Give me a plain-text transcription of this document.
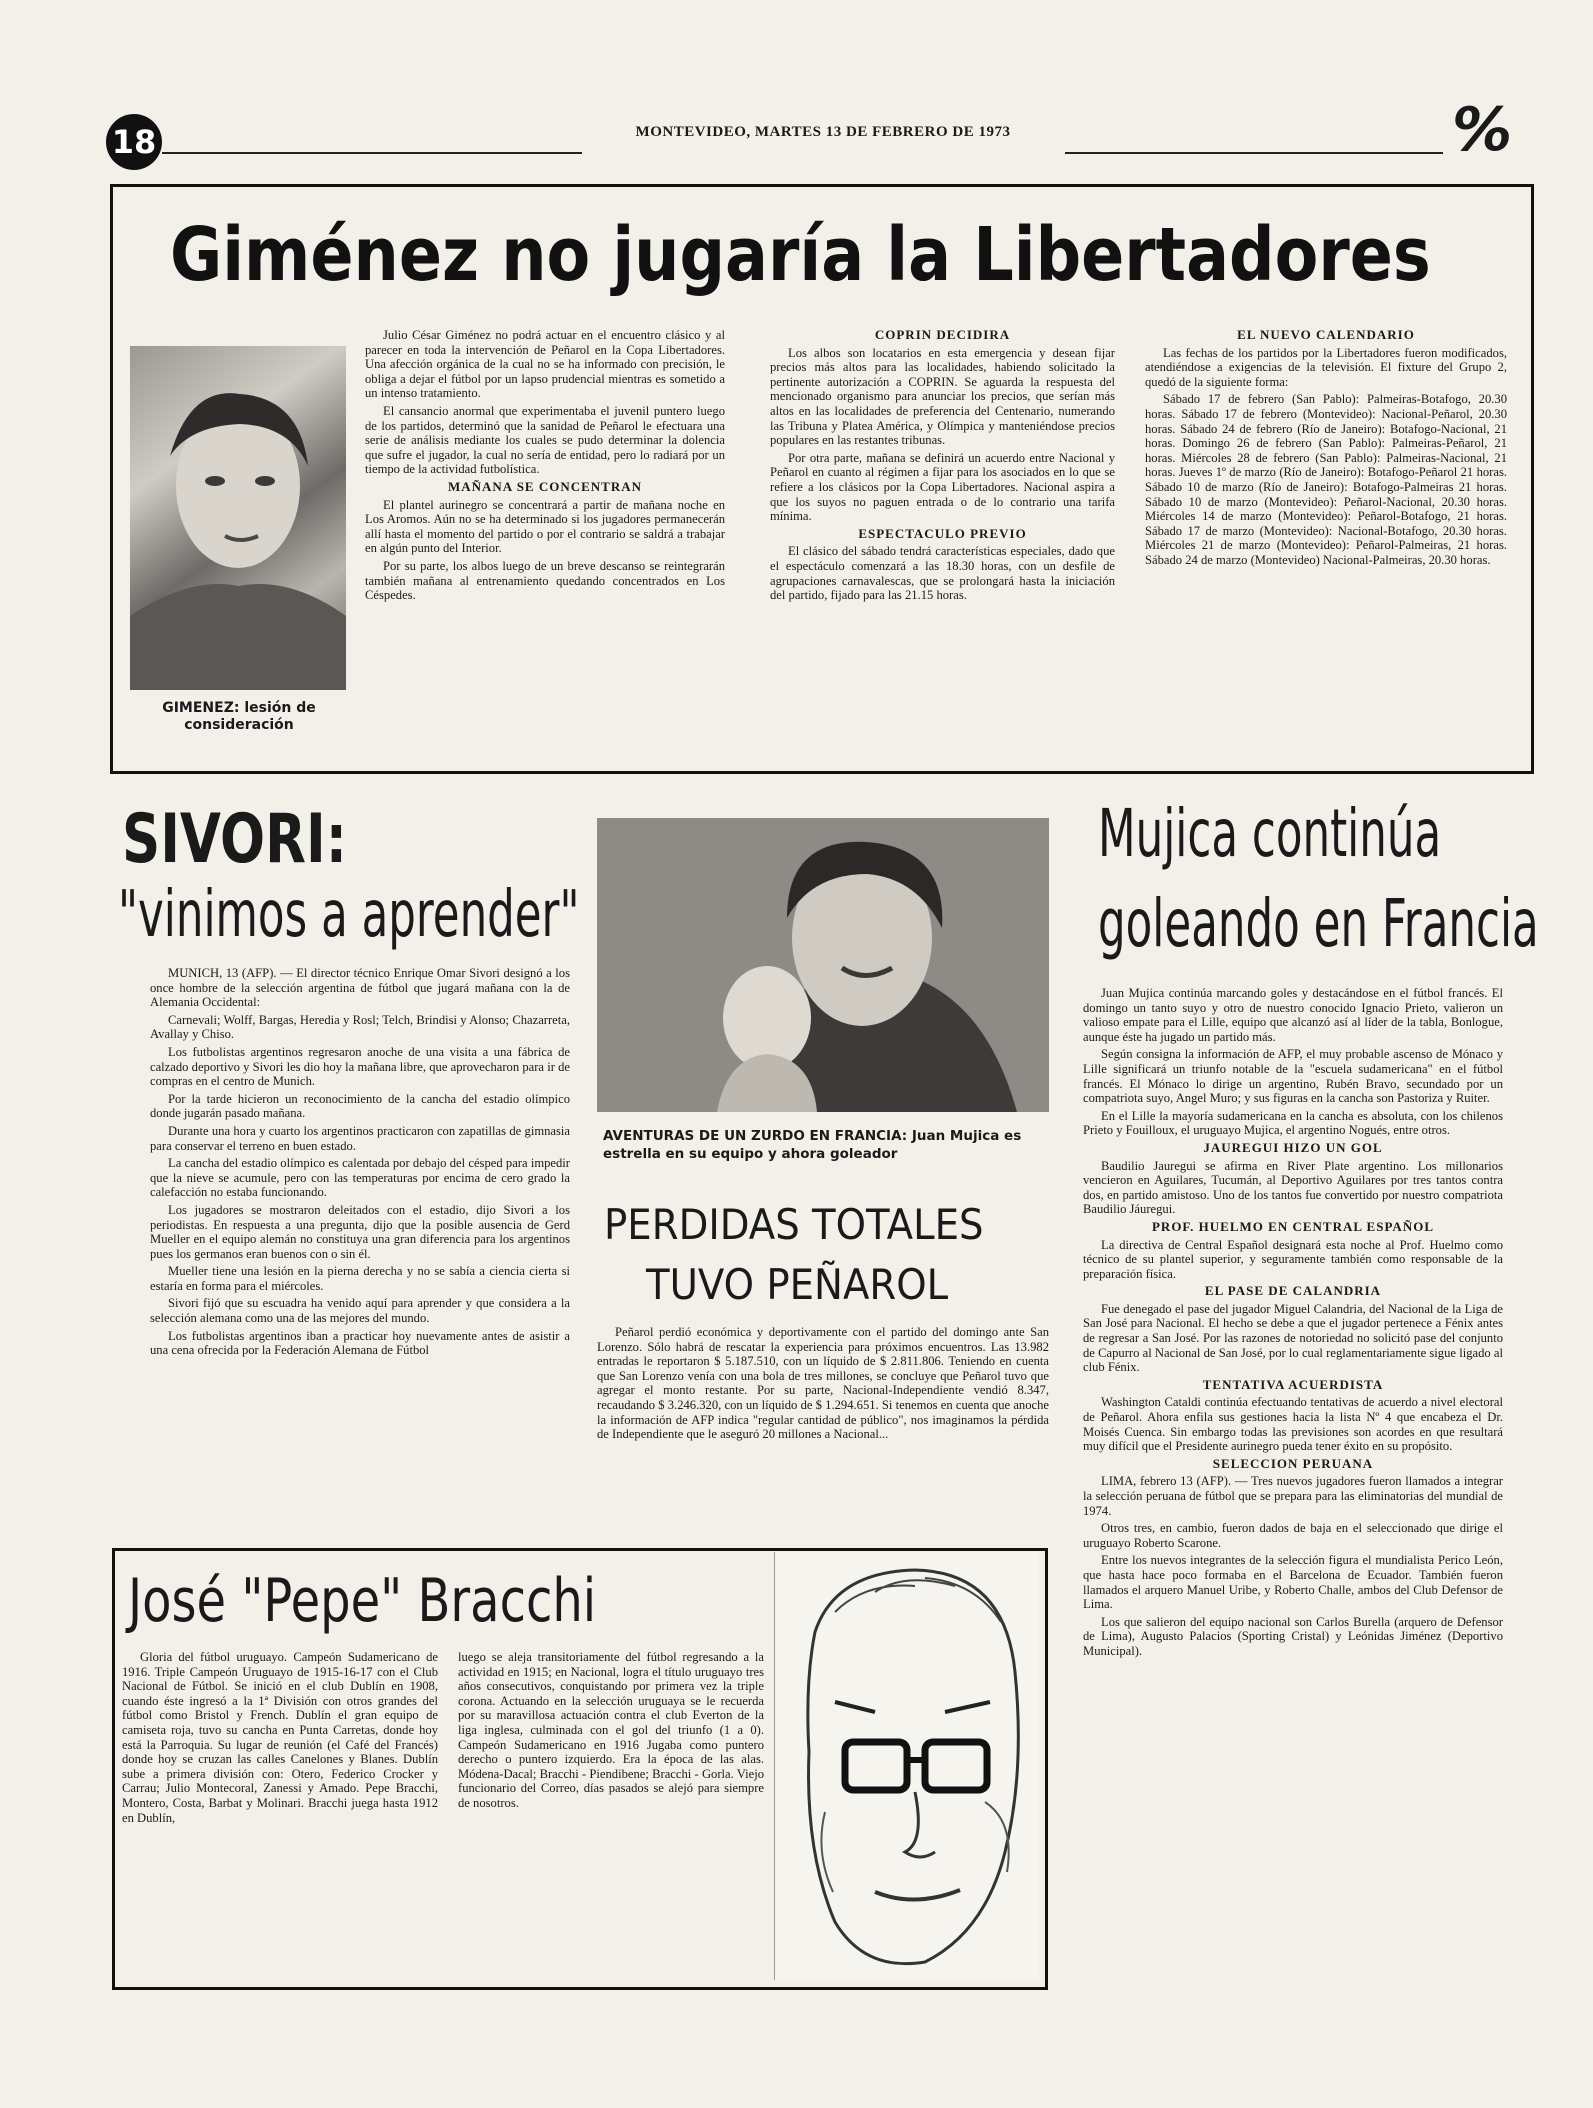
18	MONTEVIDEO, MARTES 13 DE FEBRERO DE 1973	%
Giménez no jugaría la Libertadores
GIMENEZ: lesión de consideración

Julio César Giménez no podrá actuar en el encuentro clásico y al parecer en toda la intervención de Peñarol en la Copa Libertadores. Una afección orgánica de la cual no se ha informado con precisión, le obliga a dejar el fútbol por un lapso prudencial mientras es sometido a un intenso tratamiento.

El cansancio anormal que experimentaba el juvenil puntero luego de los partidos, determinó que la sanidad de Peñarol le efectuara una serie de análisis mediante los cuales se pudo determinar la dolencia que sufre el jugador, la cual no sería de entidad, pero lo radiará por un tiempo de la actividad futbolística.

MAÑANA SE CONCENTRAN

El plantel aurinegro se concentrará a partir de mañana noche en Los Aromos. Aún no se ha determinado si los jugadores permanecerán allí hasta el momento del partido o por el contrario se saldrá a trabajar en algún punto del Interior.

Por su parte, los albos luego de un breve descanso se reintegrarán también mañana al entrenamiento quedando concentrados en Los Céspedes.

COPRIN DECIDIRA

Los albos son locatarios en esta emergencia y desean fijar precios más altos para las localidades, habiendo solicitado la pertinente autorización a COPRIN. Se aguarda la respuesta del mencionado organismo para anunciar los precios, que serían más altos en las localidades de preferencia del Centenario, numerando las Tribuna y Platea América, y Olímpica y manteniéndose precios populares en las restantes tribunas.

Por otra parte, mañana se definirá un acuerdo entre Nacional y Peñarol en cuanto al régimen a fijar para los asociados en lo que se refiere a los clásicos por la Copa Libertadores. Nacional aspira a que los suyos no paguen entrada o de lo contrario una tarifa mínima.

ESPECTACULO PREVIO

El clásico del sábado tendrá características especiales, dado que el espectáculo comenzará a las 18.30 horas, con un desfile de agrupaciones carnavalescas, que se prolongará hasta la iniciación del partido, fijado para las 21.15 horas.

EL NUEVO CALENDARIO

Las fechas de los partidos por la Libertadores fueron modificados, atendiéndose a exigencias de la televisión. El fixture del Grupo 2, quedó de la siguiente forma:

Sábado 17 de febrero (San Pablo): Palmeiras-Botafogo, 20.30 horas. Sábado 17 de febrero (Montevideo): Nacional-Peñarol, 20.30 horas. Sábado 24 de febrero (Río de Janeiro): Botafogo-Nacional, 21 horas. Domingo 26 de febrero (San Pablo): Palmeiras-Peñarol, 21 horas. Miércoles 28 de febrero (San Pablo): Palmeiras-Nacional, 21 horas. Jueves 1º de marzo (Río de Janeiro): Botafogo-Peñarol 21 horas. Sábado 10 de marzo (Río de Janeiro): Botafogo-Palmeiras 21 horas. Sábado 10 de marzo (Montevideo): Peñarol-Nacional, 20.30 horas. Miércoles 14 de marzo (Montevideo): Peñarol-Botafogo, 21 horas. Sábado 17 de marzo (Montevideo): Nacional-Botafogo, 20.30 horas. Miércoles 21 de marzo (Montevideo): Peñarol-Palmeiras, 21 horas. Sábado 24 de marzo (Montevideo) Nacional-Palmeiras, 20.30 horas.

SIVORI:
"vinimos a aprender"

MUNICH, 13 (AFP). — El director técnico Enrique Omar Sivori designó a los once hombre de la selección argentina de fútbol que jugará mañana con la de Alemania Occidental:

Carnevali; Wolff, Bargas, Heredia y Rosl; Telch, Brindisi y Alonso; Chazarreta, Avallay y Chiso.

Los futbolistas argentinos regresaron anoche de una visita a una fábrica de calzado deportivo y Sivori les dio hoy la mañana libre, que aprovecharon para ir de compras en el centro de Munich.

Por la tarde hicieron un reconocimiento de la cancha del estadio olímpico donde jugarán pasado mañana.

Durante una hora y cuarto los argentinos practicaron con zapatillas de gimnasia para conservar el terreno en buen estado.

La cancha del estadio olímpico es calentada por debajo del césped para impedir que la nieve se acumule, pero con las temperaturas por encima de cero grado la calefacción no estaba funcionando.

Los jugadores se mostraron deleitados con el estadio, dijo Sivori a los periodistas. En respuesta a una pregunta, dijo que la posible ausencia de Gerd Mueller en el equipo alemán no constituya una gran diferencia para los argentinos pues los germanos eran buenos con o sin él.

Mueller tiene una lesión en la pierna derecha y no se sabía a ciencia cierta si estaría en forma para el miércoles.

Sivori fijó que su escuadra ha venido aquí para aprender y que considera a la selección alemana como una de las mejores del mundo.

Los futbolistas argentinos iban a practicar hoy nuevamente antes de asistir a una cena ofrecida por la Federación Alemana de Fútbol

AVENTURAS DE UN ZURDO EN FRANCIA: Juan Mujica es estrella en su equipo y ahora goleador
PERDIDAS TOTALES
TUVO PEÑAROL

Peñarol perdió económica y deportivamente con el partido del domingo ante San Lorenzo. Sólo habrá de rescatar la experiencia para próximos encuentros. Las 13.982 entradas le reportaron $ 5.187.510, con un líquido de $ 2.811.806. Teniendo en cuenta que San Lorenzo venía con una bola de tres millones, se concluye que Peñarol tuvo que agregar el monto restante. Por su parte, Nacional-Independiente vendió 8.347, recaudando $ 3.246.320, con un líquido de $ 1.294.651. Si tenemos en cuenta que anoche la información de AFP indica "regular cantidad de público", nos imaginamos la pérdida de Independiente que le aseguró 20 millones a Nacional...

Mujica continúa
goleando en Francia

Juan Mujica continúa marcando goles y destacándose en el fútbol francés. El domingo un tanto suyo y otro de nuestro conocido Ignacio Prieto, valieron un valioso empate para el Lille, equipo que alcanzó así al líder de la tabla, Bonlogue, aunque éste ha jugado un partido más.

Según consigna la información de AFP, el muy probable ascenso de Mónaco y Lille significará un triunfo notable de la "escuela sudamericana" en el fútbol francés. El Mónaco lo dirige un argentino, Rubén Bravo, secundado por un compatriota suyo, Angel Muro; y sus figuras en la cancha son Pastoriza y Ruiter.

En el Lille la mayoría sudamericana en la cancha es absoluta, con los chilenos Prieto y Fouilloux, el uruguayo Mujica, el argentino Nogués, entre otros.

JAUREGUI HIZO UN GOL

Baudilio Jauregui se afirma en River Plate argentino. Los millonarios vencieron en Aguilares, Tucumán, al Deportivo Aguilares por tres tantos contra dos, en partido amistoso. Uno de los tantos fue convertido por nuestro compatriota Baudilio Jáuregui.

PROF. HUELMO EN CENTRAL ESPAÑOL

La directiva de Central Español designará esta noche al Prof. Huelmo como técnico de su plantel superior, y seguramente también como responsable de la preparación física.

EL PASE DE CALANDRIA

Fue denegado el pase del jugador Miguel Calandria, del Nacional de la Liga de San José para Nacional. El hecho se debe a que el jugador pertenece a Fénix antes de regresar a San José. Por las razones de notoriedad no solicitó pase del conjunto de Capurro al Nacional de San José, por lo cual reglamentariamente sigue ligado al club Fénix.

TENTATIVA ACUERDISTA

Washington Cataldi continúa efectuando tentativas de acuerdo a nivel electoral de Peñarol. Ahora enfila sus gestiones hacia la lista Nº 4 que encabeza el Dr. Moisés Cuenca. Sin embargo todas las previsiones son acordes en que resultará muy difícil que el Presidente aurinegro pueda tener éxito en su propósito.

SELECCION PERUANA

LIMA, febrero 13 (AFP). — Tres nuevos jugadores fueron llamados a integrar la selección peruana de fútbol que se prepara para las eliminatorias del mundial de 1974.

Otros tres, en cambio, fueron dados de baja en el seleccionado que dirige el uruguayo Roberto Scarone.

Entre los nuevos integrantes de la selección figura el mundialista Perico León, que hasta hace poco formaba en el Barcelona de Ecuador. También fueron llamados el arquero Manuel Uribe, y Roberto Challe, ambos del Club Defensor de Lima.

Los que salieron del equipo nacional son Carlos Burella (arquero de Defensor de Lima), Augusto Palacios (Sporting Cristal) y Leónidas Jiménez (Deportivo Municipal).

José "Pepe" Bracchi

Gloria del fútbol uruguayo. Campeón Sudamericano de 1916. Triple Campeón Uruguayo de 1915-16-17 con el Club Nacional de Fútbol. Se inició en el club Dublín en 1908, cuando éste ingresó a la 1ª División con otros grandes del fútbol como Bristol y French. Dublín el gran equipo de camiseta roja, tuvo su cancha en Punta Carretas, donde hoy está la Parroquia. Su lugar de reunión (el Café del Francés) donde hoy se cruzan las calles Canelones y Blanes. Dublín sube a primera división con: Otero, Federico Crocker y Carrau; Julio Montecoral, Zanessi y Amado. Pepe Bracchi, Montero, Costa, Barbat y Molinari. Bracchi juega hasta 1912 en Dublín,

luego se aleja transitoriamente del fútbol regresando a la actividad en 1915; en Nacional, logra el título uruguayo tres años consecutivos, conquistando por primera vez la triple corona. Actuando en la selección uruguaya se le recuerda por su maravillosa actuación contra el club Everton de la liga inglesa, culminada con el gol del triunfo (1 a 0). Campeón Sudamericano en 1916 Jugaba como puntero derecho o puntero izquierdo. Era la época de las alas. Módena-Dacal; Bracchi - Piendibene; Bracchi - Gorla. Viejo funcionario del Correo, días pasados se alejó para siempre de nosotros.
